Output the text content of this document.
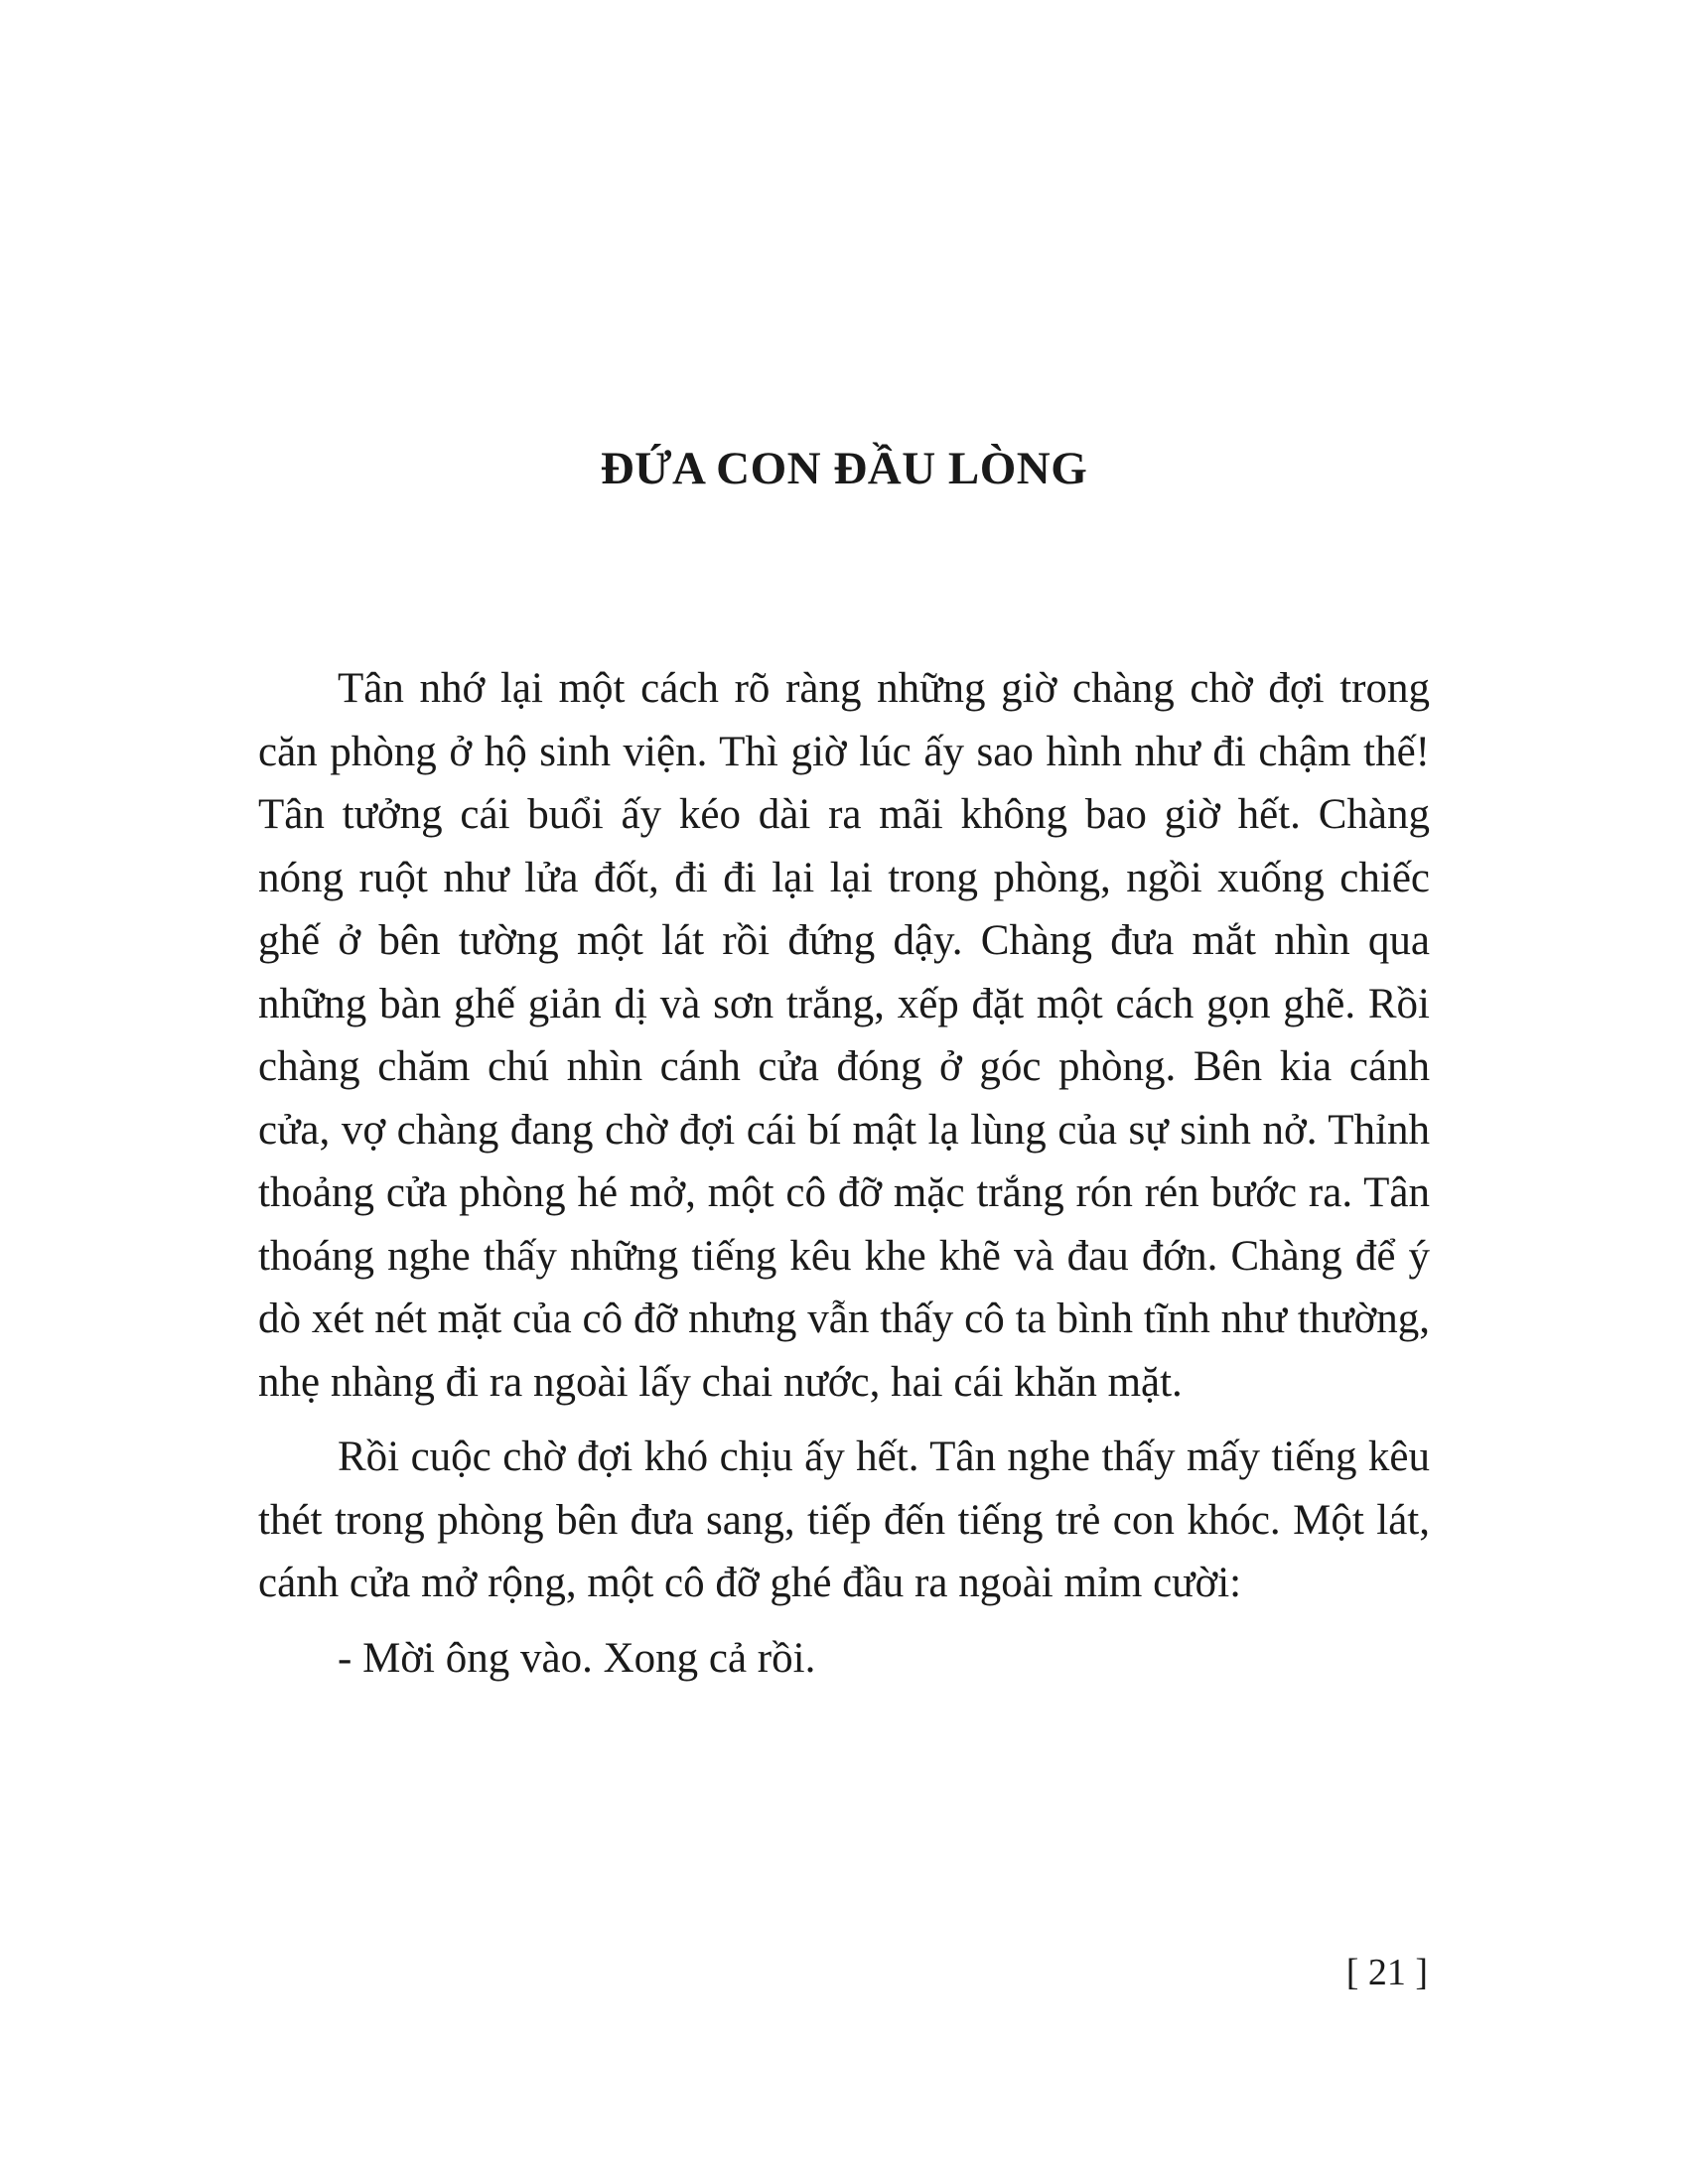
ĐỨA CON ĐẦU LÒNG

Tân nhớ lại một cách rõ ràng những giờ chàng chờ đợi trong căn phòng ở hộ sinh viện. Thì giờ lúc ấy sao hình như đi chậm thế! Tân tưởng cái buổi ấy kéo dài ra mãi không bao giờ hết. Chàng nóng ruột như lửa đốt, đi đi lại lại trong phòng, ngồi xuống chiếc ghế ở bên tường một lát rồi đứng dậy. Chàng đưa mắt nhìn qua những bàn ghế giản dị và sơn trắng, xếp đặt một cách gọn ghẽ. Rồi chàng chăm chú nhìn cánh cửa đóng ở góc phòng. Bên kia cánh cửa, vợ chàng đang chờ đợi cái bí mật lạ lùng của sự sinh nở. Thỉnh thoảng cửa phòng hé mở, một cô đỡ mặc trắng rón rén bước ra. Tân thoáng nghe thấy những tiếng kêu khe khẽ và đau đớn. Chàng để ý dò xét nét mặt của cô đỡ nhưng vẫn thấy cô ta bình tĩnh như thường, nhẹ nhàng đi ra ngoài lấy chai nước, hai cái khăn mặt.

Rồi cuộc chờ đợi khó chịu ấy hết. Tân nghe thấy mấy tiếng kêu thét trong phòng bên đưa sang, tiếp đến tiếng trẻ con khóc. Một lát, cánh cửa mở rộng, một cô đỡ ghé đầu ra ngoài mỉm cười:

- Mời ông vào. Xong cả rồi.

[ 21 ]
